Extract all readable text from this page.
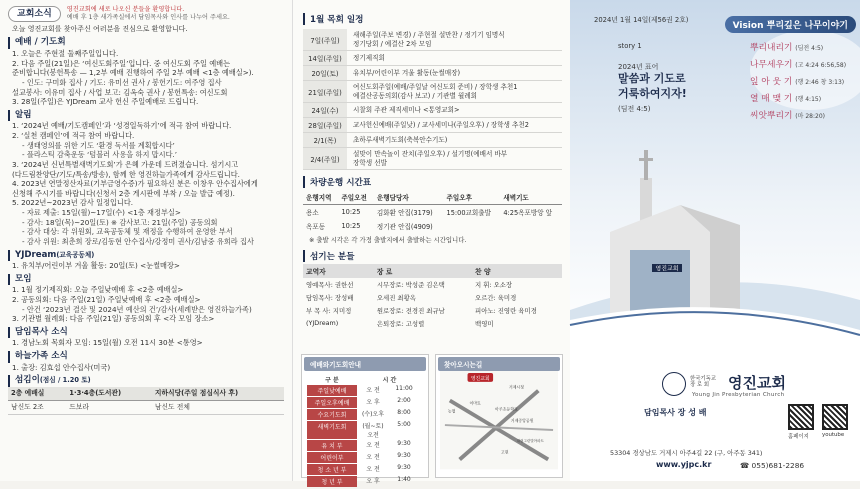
교회소식	영진교회에 새로 나오신 분들을 환영합니다.
예배 후 1층 새가족실에서 담임목사와 인사를 나누어 주세요.
오늘 영진교회를 찾아주신 여러분을 진심으로 환영합니다.
예배 / 기도회
1. 오늘은 주현절 둘째주일입니다.
2. 다음 주일(21일)은 ‘여신도회주일’입니다. 중 여신도회 주일 예배는
준비합니다(봉헌특송 — 1,2부 예배 진행하여 주일 2부 예배 <1층 예배실>).
- 인도: 구미화 집사 / 기도: 유미선 권사 / 봉헌기도: 여주영 집사
설교봉사: 이유미 집사 / 사업 보고: 김옥숙 권사 / 봉헌특송: 여신도회
3. 28일(주일)은 YJDream 교사 헌신 주일예배로 드립니다.
알림
1. ‘2024년 예배/기도캠페인’과 ‘성경일독하기’에 적극 참여 바랍니다.
2. ‘실천 캠페인’에 적극 참여 바랍니다.
- 생태영의를 위한 기도 ‘환경 독서를 계획합시다’
- 플라스틱 감축운동 ‘텀블러 사용을 하지 맙시다.’
3. ‘2024년 신년특별새벽기도회’가 은혜 가운데 드려졌습니다. 섬기시고
(다드림찬양단/기도/특송/방송), 함께 한 영진하늘가족에게 감사드립니다.
4. 2023년 연말정산자료(기부금영수증)가 필요하신 분은 이창우 안수집사에게
신청해 주시기를 바랍니다(신청서 2층 게시판에 부착 / 오늘 발급 예정).
5. 2022년~2023년 감사 일정입니다.
- 자료 제출: 15일(월)~17일(수) <1층 재정부실>
- 감사: 18일(목)~20일(토) ※ 감사보고: 21일(주일) 공동의회
- 감사 대상: 각 위원회, 교육공동체 및 재정을 수행하여 운영한 부서
- 감사 위원: 최춘희 장로/김동현 안수집사/강정미 권사/김남중 유희라 집사
YJDream(교육공동체)
1. 유치부/어린이부 겨울 활동: 20일(토) <눈썰매장>
모임
1. 1월 정기제직회: 오늘 주일낮예배 후 <2층 예배실>
2. 공동의회: 다음 주일(21일) 주일낮예배 후 <2층 예배실>
- 안건 ‘2023년 결산 및 2024년 예산의 건’/감사(세례받은 영진하늘가족)
3. 기관별 월례회: 다음 주일(21일) 공동의회 후 <각 모임 장소>
담임목사 소식
1. 경남노회 목회자 모임: 15일(월) 오전 11시 30분 <통영>
하늘가족 소식
1. 출장: 김효섭 안수집사(미국)
섬김이(점심 / 1.20 토)
2층 예배실	1·3·4층(도서관)	지하식당(주일 점심식사 후)
남신도 2조	드보라	남신도 전체
1월 목회 일정
7일(주일)	새해주일(주보 변경) / 주현절 설만찬 / 정기기 임명식
정기당회 / 예결산 2차 모임

14일(주일)	정기제직회

20일(토)	유치부/어린이부 겨울 활동(눈썰매장)

21일(주일)	여신도회주일(예배/주일날 여신도회 준비) / 장학생 추천1
예결산공동의회(감사 보고) / 기관별 월례회

24일(수)	시찰회 주관 제직세미나 <통영교회>

28일(주일)	교사헌신예배(주일낮) / 교사세미나(주일오후) / 장학생 추천2

2/1(목)	초하루새벽기도회(축복안수기도)

2/4(주일)	설맞이 만속놀이 잔치(주일오후) / 설기명(예배서 바부
장학생 선발
차량운행 시간표
운행지역	주일오전	운행담당자	주일오후	새벽기도
용소	10:25	김화환 안집(3179)	15:00교회출발	4:25옥포방앙 앞
옥포동	10:25	정기관 안집(4909)		
※ 출발 시각은 각 가정 출발지에서 출발하는 시간입니다.
섬기는 분들
교역자	장 로	찬 양
영예목사: 권한선	시무장로: 박성준 김은택	지 휘: 오소장
담임목사: 장성배	오세진 최황옥	오르간: 육미경
부 목 사: 지미정	원로장로: 전경진 최규남	피아노: 진영란 육미경
(YJDream)	은퇴장로: 고성렬	백영미
예배와기도회안내
구 분	시 간
주일낮예배	오 전	11:00
주일오후예배	오 후	2:00
수요기도회	(수)오후	8:00
새벽기도회	(월~토)오전
5:00
유 치 부	오 전	9:30
어린이부	오 전	9:30
청 소 년 부	오 전	9:30
청 년 부	오 후	1:40
찾아오시는길
영진교회
거제시청
농협	아주초등학교
이마트
거제중앙공원
대림그린빌아파트
고현
영진교회
2024년 1월 14일(제56권 2호)
Vision 뿌리깊은 나무이야기
story 1
2024년 표어
말씀과 기도로
거룩하여지자!
(딤전 4:5)
뿌리내리기 (딤전 4:5)
나무세우기 (고 4:24 6:56,58)
잎 아 웃 기 (행 2:46 창 3:13)
열 매 맺 기 (행 4:15)
씨앗뿌리기 (마 28:20)
한국기독교
장 로 회	영진교회
Young Jin Presbyterian Church
담임목사 장 성 배
홈페이지 youtube
53304 경상남도 거제시 아주4길 22 (구, 아주동 341)
www.yjpc.kr	☎ 055)681-2286
